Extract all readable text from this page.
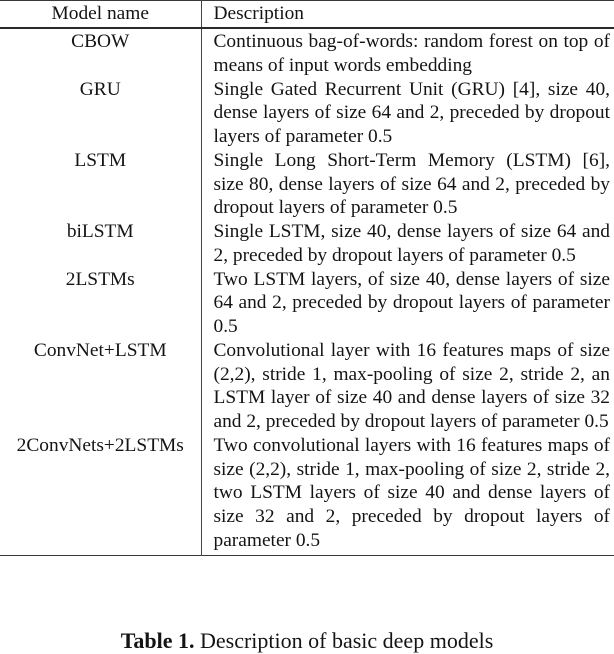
Model name	Description
CBOW	Continuous bag-of-words: random forest on top of means of input words embedding
GRU	Single Gated Recurrent Unit (GRU) [4], size 40, dense layers of size 64 and 2, preceded by dropout layers of parameter 0.5
LSTM	Single Long Short-Term Memory (LSTM) [6], size 80, dense layers of size 64 and 2, preceded by dropout layers of parameter 0.5
biLSTM	Single LSTM, size 40, dense layers of size 64 and 2, preceded by dropout layers of parameter 0.5
2LSTMs	Two LSTM layers, of size 40, dense layers of size 64 and 2, preceded by dropout layers of parameter 0.5
ConvNet+LSTM	Convolutional layer with 16 features maps of size (2,2), stride 1, max-pooling of size 2, stride 2, an LSTM layer of size 40 and dense layers of size 32 and 2, preceded by dropout layers of parameter 0.5
2ConvNets+2LSTMs	Two convolutional layers with 16 features maps of size (2,2), stride 1, max-pooling of size 2, stride 2, two LSTM layers of size 40 and dense layers of size 32 and 2, preceded by dropout layers of parameter 0.5
Table 1. Description of basic deep models
